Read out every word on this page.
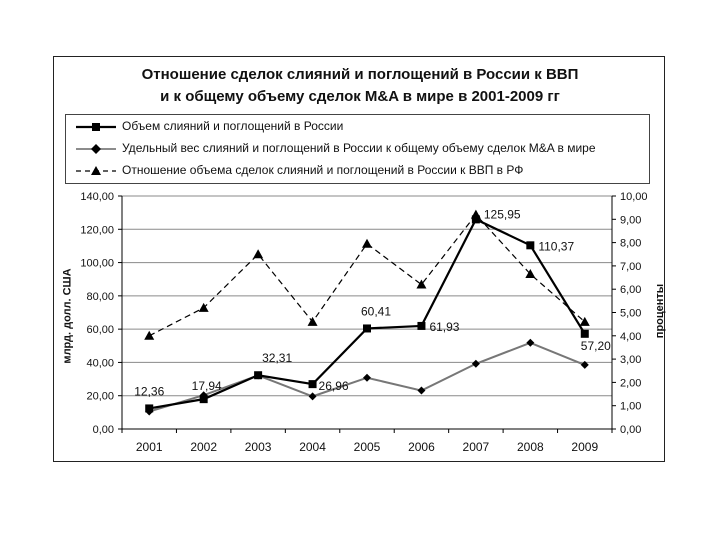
Отношение сделок слияний и поглощений в России к ВВП
и к общему объему сделок M&A в мире в 2001-2009 гг
Объем слияний и поглощений в России
Удельный вес слияний и поглощений в России к общему объему сделок M&A в мире
Отношение объема сделок слияний и поглощений в России к ВВП в РФ
0,00
20,00
40,00
60,00
80,00
100,00
120,00
140,00
0,00
1,00
2,00
3,00
4,00
5,00
6,00
7,00
8,00
9,00
10,00
2001 2002 2003 2004 2005 2006 2007 2008 2009
12,36 17,94
32,31
26,96
60,41
61,93
125,95
110,37
57,20
млрд. долл. США	проценты
